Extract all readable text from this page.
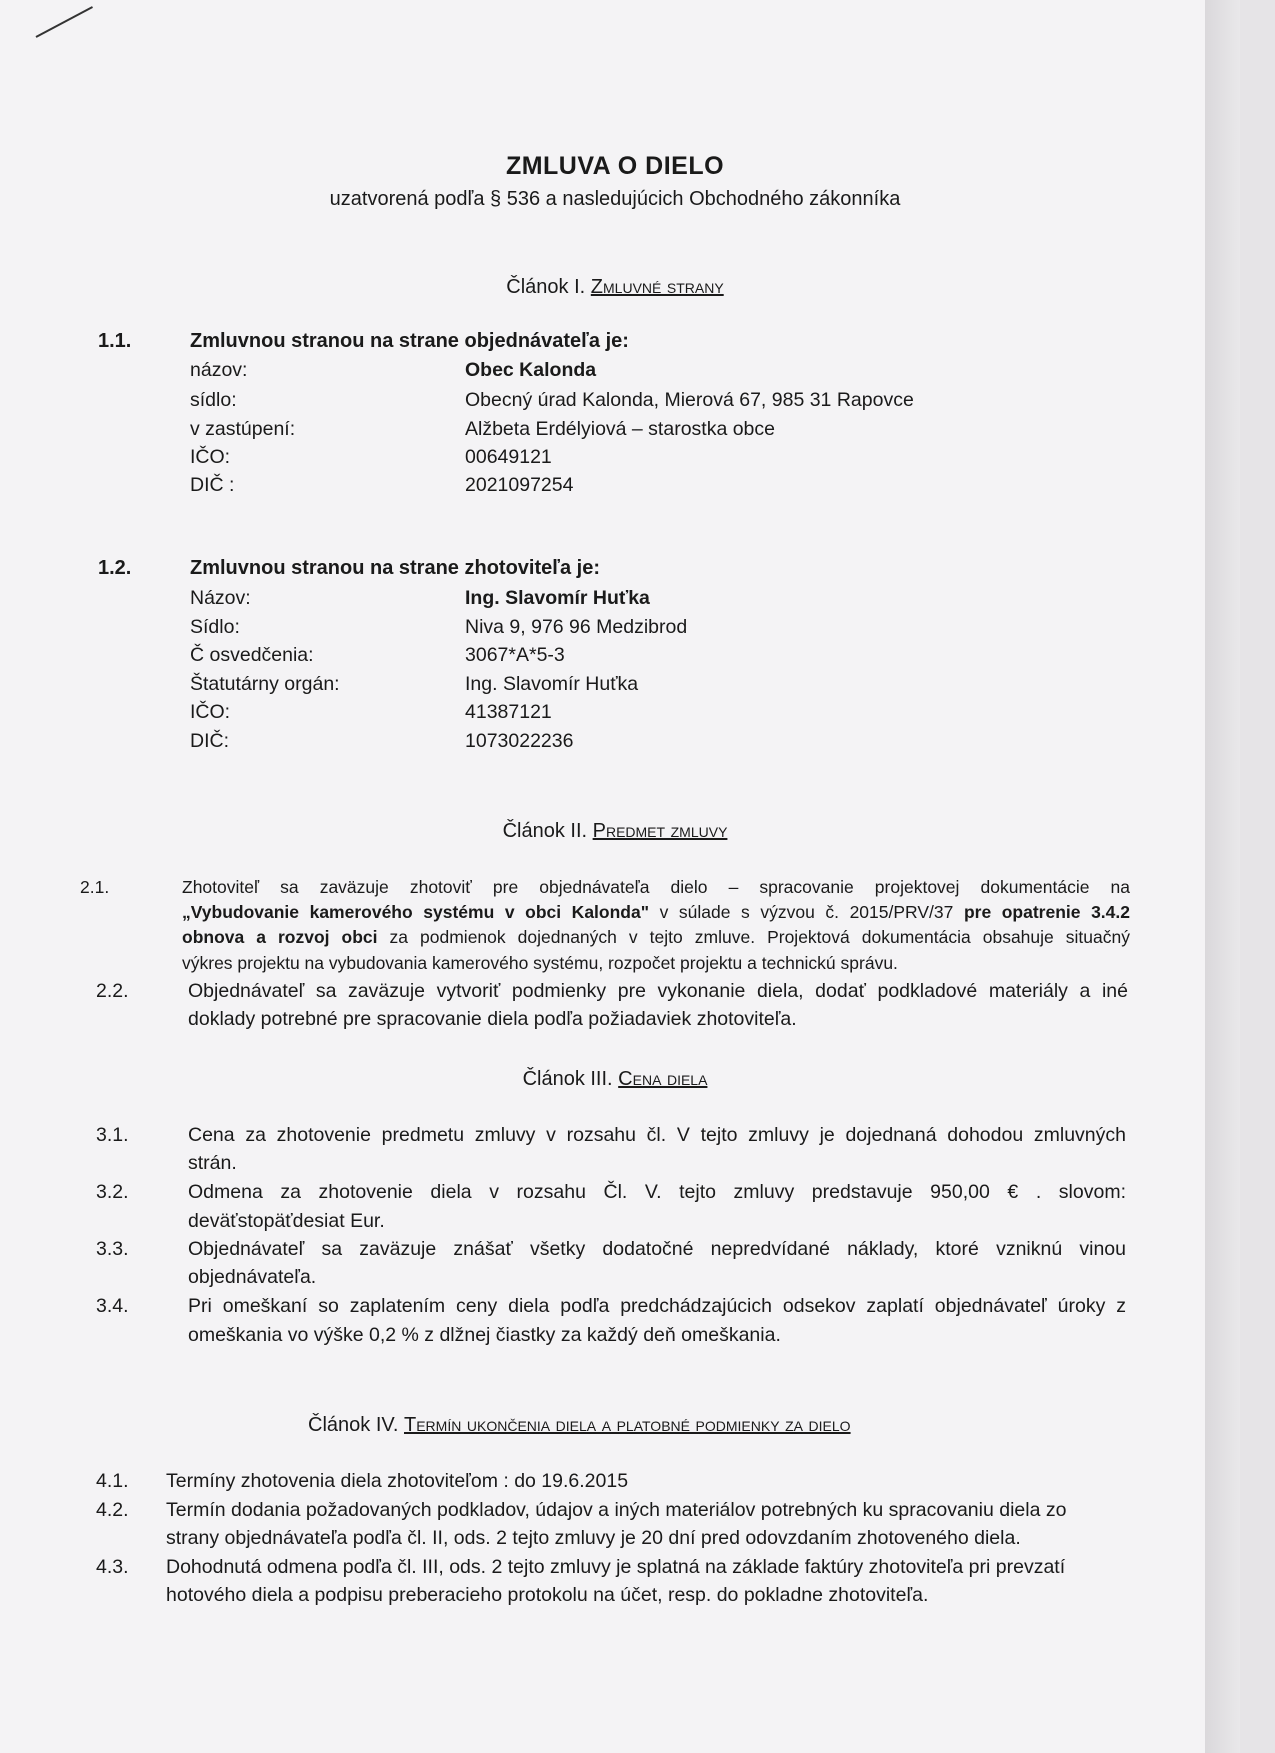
ZMLUVA O DIELO
uzatvorená podľa § 536 a nasledujúcich Obchodného zákonníka
Článok I. Zmluvné strany
1.1.	Zmluvnou stranou na strane objednávateľa je:
názov:	Obec Kalonda
sídlo:	Obecný úrad Kalonda, Mierová 67, 985 31 Rapovce
v zastúpení:	Alžbeta Erdélyiová – starostka obce
IČO:	00649121
DIČ :	2021097254
1.2.	Zmluvnou stranou na strane zhotoviteľa je:
Názov:	Ing. Slavomír Huťka
Sídlo:	Niva 9, 976 96 Medzibrod
Č osvedčenia:	3067*A*5-3
Štatutárny orgán:	Ing. Slavomír Huťka
IČO:	41387121
DIČ:	1073022236
Článok II. Predmet zmluvy
2.1.	Zhotoviteľ sa zaväzuje zhotoviť pre objednávateľa dielo – spracovanie projektovej dokumentácie na
„Vybudovanie kamerového systému v obci Kalonda" v súlade s výzvou č. 2015/PRV/37 pre opatrenie 3.4.2
obnova a rozvoj obci za podmienok dojednaných v tejto zmluve. Projektová dokumentácia obsahuje situačný
výkres projektu na vybudovania kamerového systému, rozpočet projektu a technickú správu.
2.2.	Objednávateľ sa zaväzuje vytvoriť podmienky pre vykonanie diela, dodať podkladové materiály a iné
doklady potrebné pre spracovanie diela podľa požiadaviek zhotoviteľa.
Článok III. Cena diela
3.1.	Cena za zhotovenie predmetu zmluvy v rozsahu čl. V tejto zmluvy je dojednaná dohodou zmluvných
strán.
3.2.	Odmena za zhotovenie diela v rozsahu Čl. V. tejto zmluvy predstavuje 950,00 € . slovom:
deväťstopäťdesiat Eur.
3.3.	Objednávateľ sa zaväzuje znášať všetky dodatočné nepredvídané náklady, ktoré vzniknú vinou
objednávateľa.
3.4.	Pri omeškaní so zaplatením ceny diela podľa predchádzajúcich odsekov zaplatí objednávateľ úroky z
omeškania vo výške 0,2 % z dlžnej čiastky za každý deň omeškania.
Článok IV. Termín ukončenia diela a platobné podmienky za dielo
4.1. Termíny zhotovenia diela zhotoviteľom : do 19.6.2015
4.2. Termín dodania požadovaných podkladov, údajov a iných materiálov potrebných ku spracovaniu diela zo
strany objednávateľa podľa čl. II, ods. 2 tejto zmluvy je 20 dní pred odovzdaním zhotoveného diela.
4.3. Dohodnutá odmena podľa čl. III, ods. 2 tejto zmluvy je splatná na základe faktúry zhotoviteľa pri prevzatí
hotového diela a podpisu preberacieho protokolu na účet, resp. do pokladne zhotoviteľa.
